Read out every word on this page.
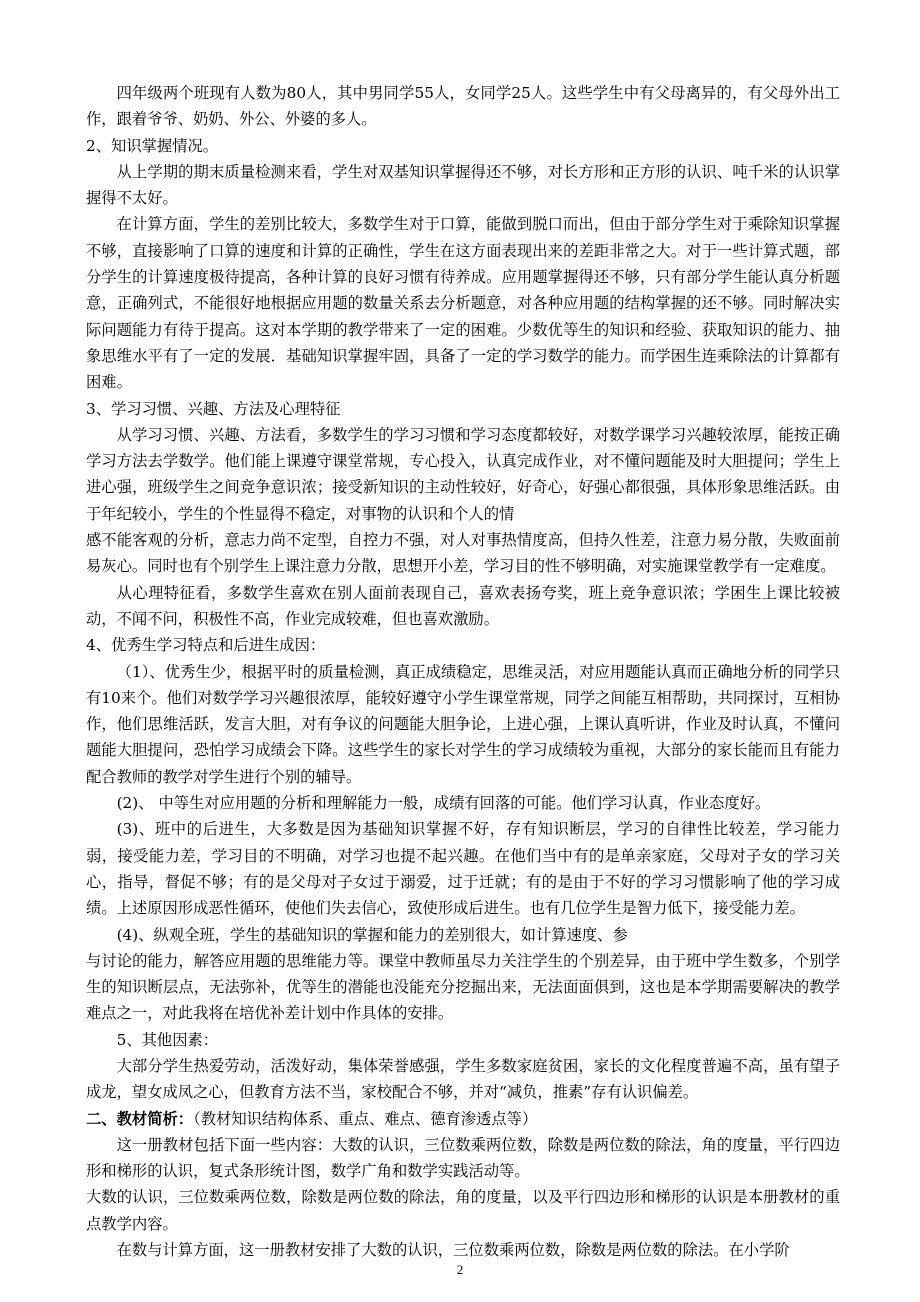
四年级两个班现有人数为80人，其中男同学55人，女同学25人。这些学生中有父母离异的，有父母外出工作，跟着爷爷、奶奶、外公、外婆的多人。

2、知识掌握情况。

从上学期的期末质量检测来看，学生对双基知识掌握得还不够，对长方形和正方形的认识、吨千米的认识掌握得不太好。

在计算方面，学生的差别比较大，多数学生对于口算，能做到脱口而出，但由于部分学生对于乘除知识掌握不够，直接影响了口算的速度和计算的正确性，学生在这方面表现出来的差距非常之大。对于一些计算式题，部分学生的计算速度极待提高，各种计算的良好习惯有待养成。应用题掌握得还不够，只有部分学生能认真分析题意，正确列式，不能很好地根据应用题的数量关系去分析题意，对各种应用题的结构掌握的还不够。同时解决实际问题能力有待于提高。这对本学期的教学带来了一定的困难。少数优等生的知识和经验、获取知识的能力、抽象思维水平有了一定的发展．基础知识掌握牢固，具备了一定的学习数学的能力。而学困生连乘除法的计算都有困难。

3、学习习惯、兴趣、方法及心理特征

从学习习惯、兴趣、方法看，多数学生的学习习惯和学习态度都较好，对数学课学习兴趣较浓厚，能按正确学习方法去学数学。他们能上课遵守课堂常规，专心投入，认真完成作业，对不懂问题能及时大胆提问；学生上进心强，班级学生之间竞争意识浓；接受新知识的主动性较好，好奇心，好强心都很强，具体形象思维活跃。由于年纪较小，学生的个性显得不稳定，对事物的认识和个人的情

感不能客观的分析，意志力尚不定型，自控力不强，对人对事热情度高，但持久性差，注意力易分散，失败面前易灰心。同时也有个别学生上课注意力分散，思想开小差，学习目的性不够明确，对实施课堂教学有一定难度。

从心理特征看，多数学生喜欢在别人面前表现自己，喜欢表扬夸奖，班上竞争意识浓；学困生上课比较被动，不闻不问，积极性不高，作业完成较难，但也喜欢激励。

4、优秀生学习特点和后进生成因：

（1）、优秀生少，根据平时的质量检测，真正成绩稳定，思维灵活，对应用题能认真而正确地分析的同学只有10来个。他们对数学学习兴趣很浓厚，能较好遵守小学生课堂常规，同学之间能互相帮助，共同探讨，互相协作，他们思维活跃，发言大胆，对有争议的问题能大胆争论，上进心强，上课认真听讲，作业及时认真，不懂问题能大胆提问，恐怕学习成绩会下降。这些学生的家长对学生的学习成绩较为重视，大部分的家长能而且有能力配合教师的教学对学生进行个别的辅导。

(2)、 中等生对应用题的分析和理解能力一般，成绩有回落的可能。他们学习认真，作业态度好。

(3)、班中的后进生，大多数是因为基础知识掌握不好，存有知识断层，学习的自律性比较差，学习能力弱，接受能力差，学习目的不明确，对学习也提不起兴趣。在他们当中有的是单亲家庭，父母对子女的学习关心，指导，督促不够；有的是父母对子女过于溺爱，过于迁就；有的是由于不好的学习习惯影响了他的学习成绩。上述原因形成恶性循环，使他们失去信心，致使形成后进生。也有几位学生是智力低下，接受能力差。

(4)、纵观全班，学生的基础知识的掌握和能力的差别很大，如计算速度、参

与讨论的能力，解答应用题的思维能力等。课堂中教师虽尽力关注学生的个别差异，由于班中学生数多，个别学生的知识断层点，无法弥补，优等生的潜能也没能充分挖掘出来，无法面面俱到，这也是本学期需要解决的教学难点之一，对此我将在培优补差计划中作具体的安排。

5、其他因素：

大部分学生热爱劳动，活泼好动，集体荣誉感强，学生多数家庭贫困，家长的文化程度普遍不高，虽有望子成龙，望女成凤之心，但教育方法不当，家校配合不够，并对“减负，推素”存有认识偏差。

二、教材简析：（教材知识结构体系、重点、难点、德育渗透点等）

这一册教材包括下面一些内容：大数的认识，三位数乘两位数，除数是两位数的除法，角的度量，平行四边形和梯形的认识，复式条形统计图，数学广角和数学实践活动等。

大数的认识，三位数乘两位数，除数是两位数的除法，角的度量，以及平行四边形和梯形的认识是本册教材的重点教学内容。

在数与计算方面，这一册教材安排了大数的认识，三位数乘两位数，除数是两位数的除法。在小学阶

2
